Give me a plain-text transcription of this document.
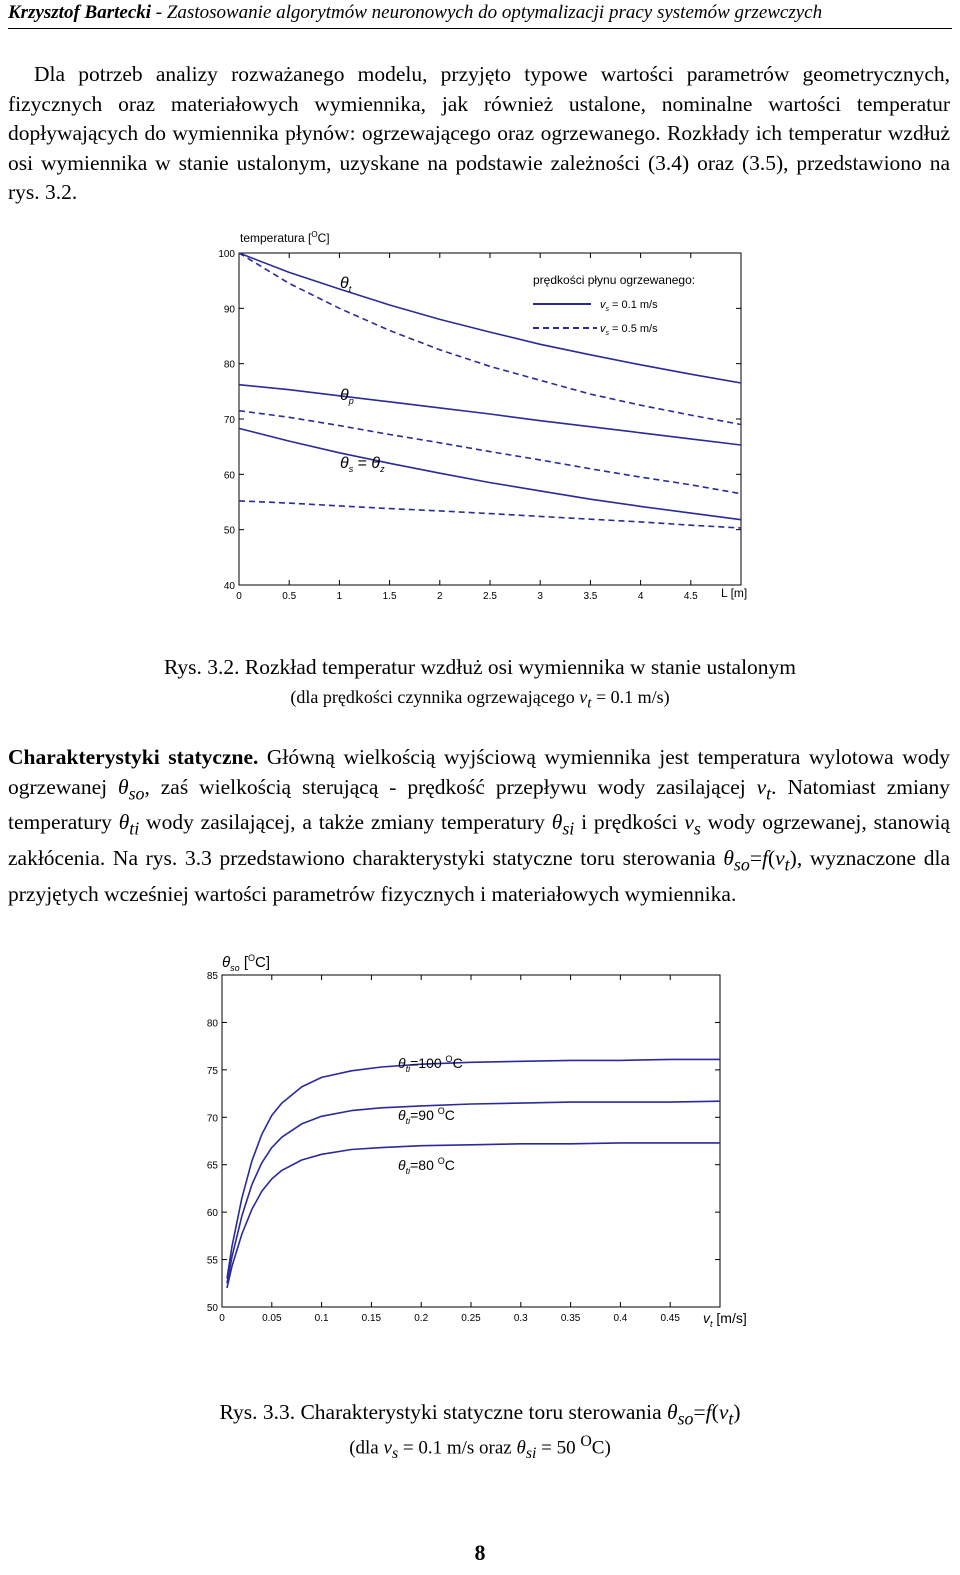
Krzysztof Bartecki - Zastosowanie algorytmów neuronowych do optymalizacji pracy systemów grzewczych
Dla potrzeb analizy rozważanego modelu, przyjęto typowe wartości parametrów geometrycznych, fizycznych oraz materiałowych wymiennika, jak również ustalone, nominalne wartości temperatur dopływających do wymiennika płynów: ogrzewającego oraz ogrzewanego. Rozkłady ich temperatur wzdłuż osi wymiennika w stanie ustalonym, uzyskane na podstawie zależności (3.4) oraz (3.5), przedstawiono na rys. 3.2.
0	0.5	1	1.5	2	2.5	3	3.5	4	4.5
40
50
60
70
80
90
100
temperatura [$^O$C]
L [m]
prędkości płynu ogrzewanego:
$v_s = 0.1$ m/s
$v_s = 0.5$ m/s
$\theta_t$
$\theta_p$
$\theta_s = \theta_z$
Rys. 3.2. Rozkład temperatur wzdłuż osi wymiennika w stanie ustalonym
(dla prędkości czynnika ogrzewającego $v_t = 0.1$ m/s)
Charakterystyki statyczne. Główną wielkością wyjściową wymiennika jest temperatura wylotowa wody ogrzewanej $\theta_{so}$, zaś wielkością sterującą - prędkość przepływu wody zasilającej $v_t$. Natomiast zmiany temperatury $\theta_{ti}$ wody zasilającej, a także zmiany temperatury $\theta_{si}$ i prędkości $v_s$ wody ogrzewanej, stanowią zakłócenia. Na rys. 3.3 przedstawiono charakterystyki statyczne toru sterowania $\theta_{so}=f(v_t)$, wyznaczone dla przyjętych wcześniej wartości parametrów fizycznych i materiałowych wymiennika.
0	0.05	0.1	0.15	0.2	0.25	0.3	0.35	0.4	0.45
50
55
60
65
70
75
80
85
$\theta_{so}$ [$^O$C]
$v_t$ [m/s]
$\theta_{ti}=100$ $^O$C
$\theta_{ti}=90$ $^O$C
$\theta_{ti}=80$ $^O$C
Rys. 3.3. Charakterystyki statyczne toru sterowania $\theta_{so}=f(v_t)$
(dla $v_s = 0.1$ m/s oraz $\theta_{si} = 50$ $^O$C)
8
